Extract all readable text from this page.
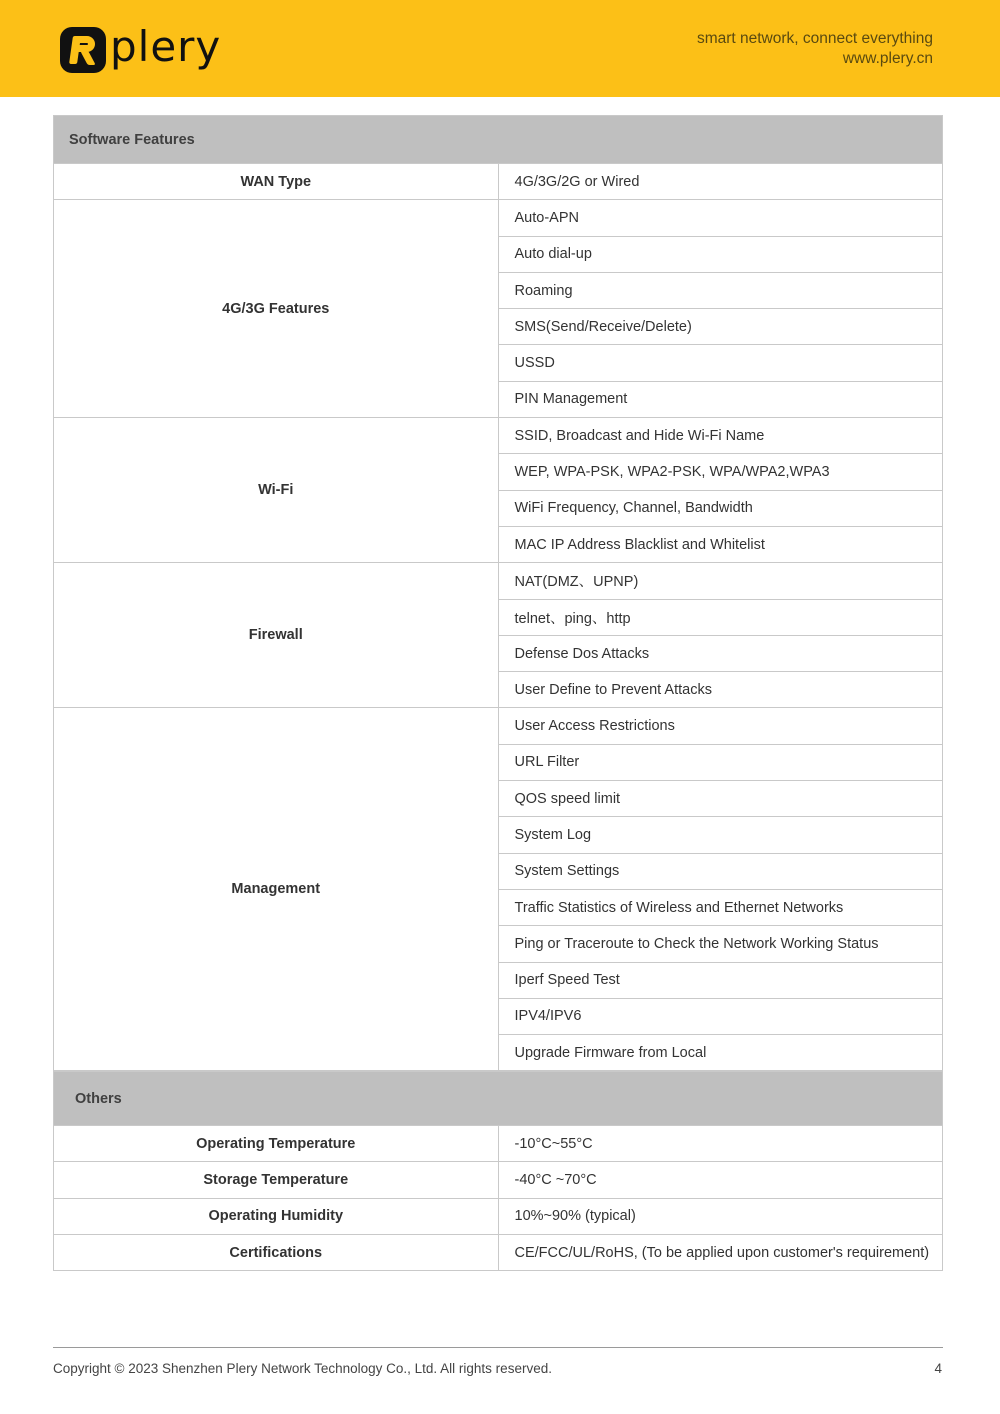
plery	smart network, connect everything
www.plery.cn
Software Features	
WAN Type	4G/3G/2G or Wired
4G/3G Features	Auto-APN
	Auto dial-up
	Roaming
	SMS(Send/Receive/Delete)
	USSD
	PIN Management
Wi-Fi	SSID, Broadcast and Hide Wi-Fi Name
	WEP, WPA-PSK, WPA2-PSK, WPA/WPA2,WPA3
	WiFi Frequency, Channel, Bandwidth
	MAC IP Address Blacklist and Whitelist
Firewall	NAT(DMZ、UPNP)
	telnet、ping、http
	Defense Dos Attacks
	User Define to Prevent Attacks
Management	User Access Restrictions
	URL Filter
	QOS speed limit
	System Log
	System Settings
	Traffic Statistics of Wireless and Ethernet Networks
	Ping or Traceroute to Check the Network Working Status
	Iperf Speed Test
	IPV4/IPV6
	Upgrade Firmware from Local
Others	
Operating Temperature	-10°C~55°C
Storage Temperature	-40°C ~70°C
Operating Humidity	10%~90% (typical)
Certifications	CE/FCC/UL/RoHS, (To be applied upon customer's requirement)
Copyright © 2023 Shenzhen Plery Network Technology Co., Ltd. All rights reserved.	4
